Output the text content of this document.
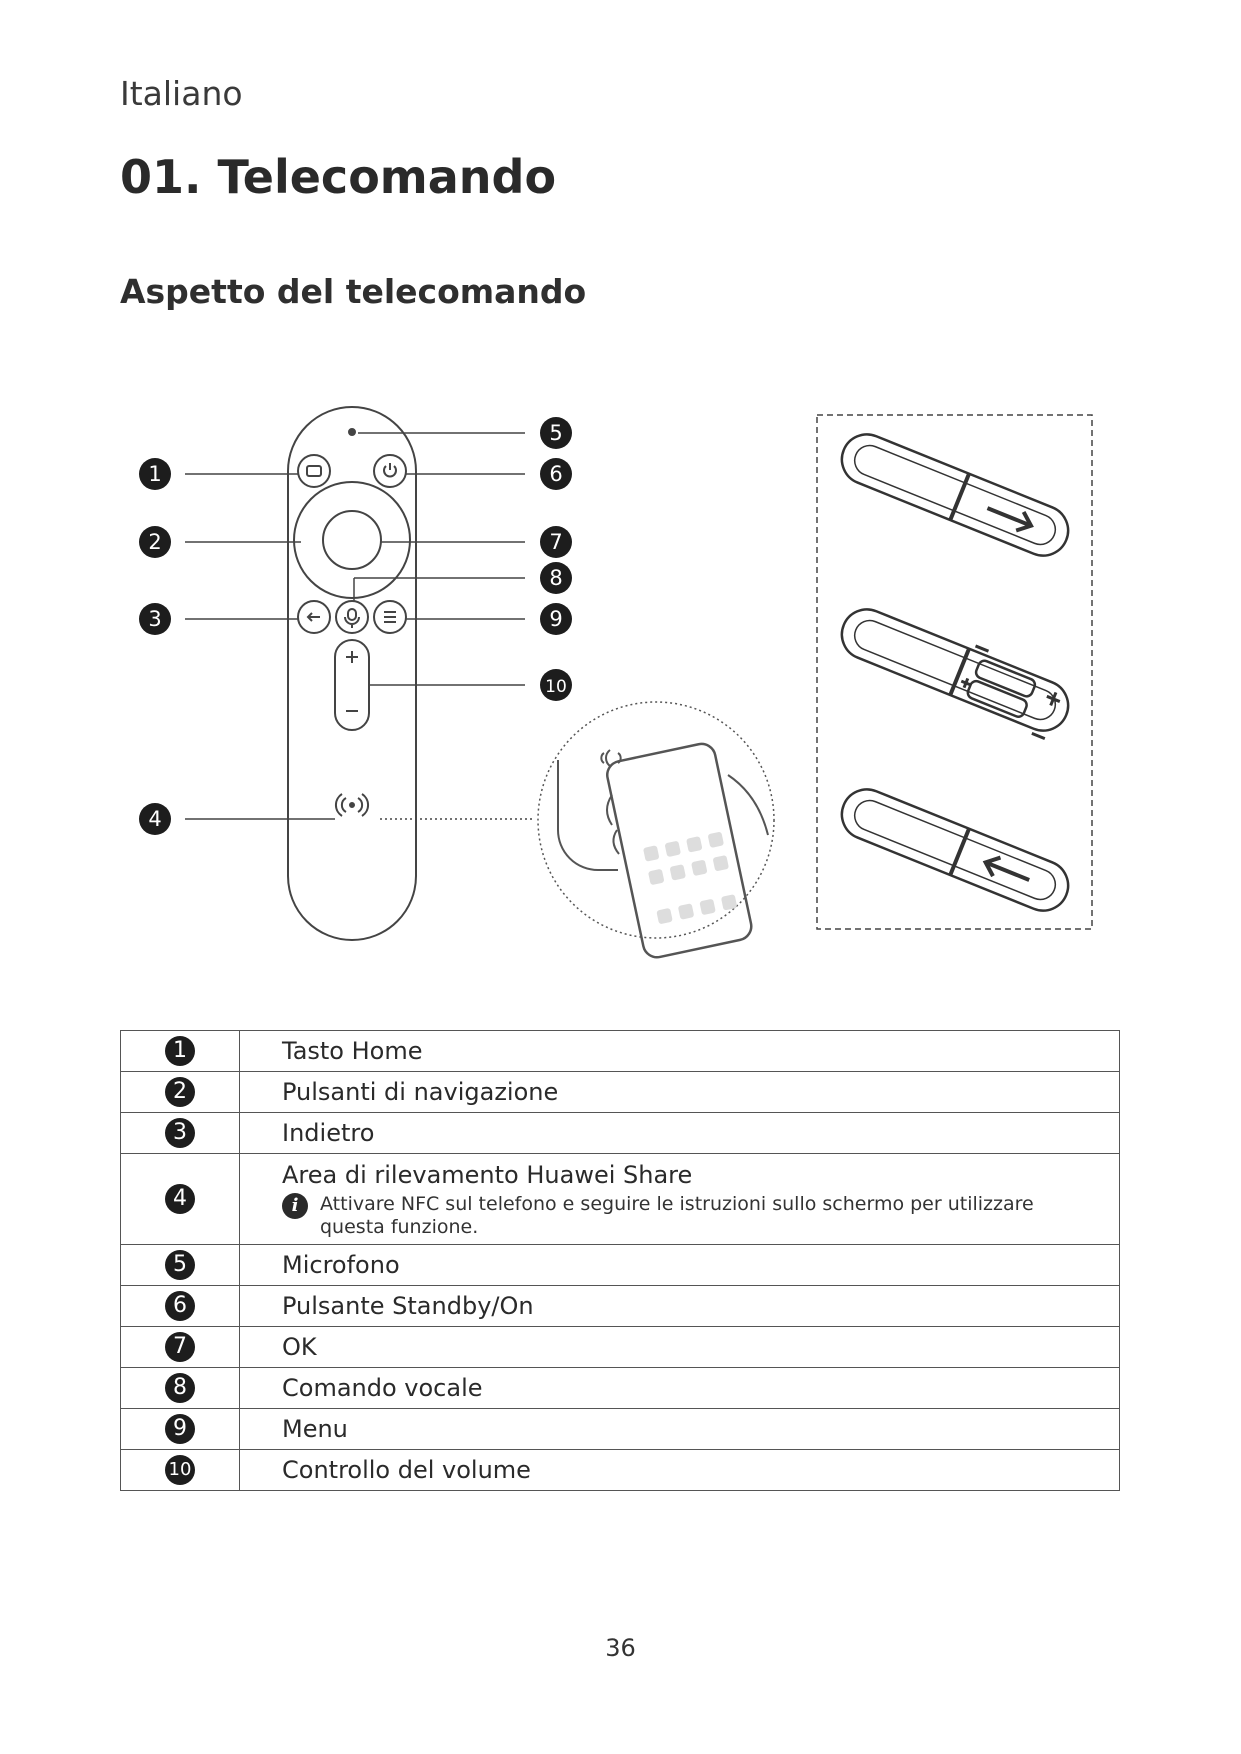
Italiano
01. Telecomando
Aspetto del telecomando
1
2
3
4
5
6
7
8
9
10
1	Tasto Home
2	Pulsanti di navigazione
3	Indietro
4	Area di rilevamento Huawei Share
i Attivare NFC sul telefono e seguire le istruzioni sullo schermo per utilizzare questa funzione.

5	Microfono
6	Pulsante Standby/On
7	OK
8	Comando vocale
9	Menu
10	Controllo del volume
36
